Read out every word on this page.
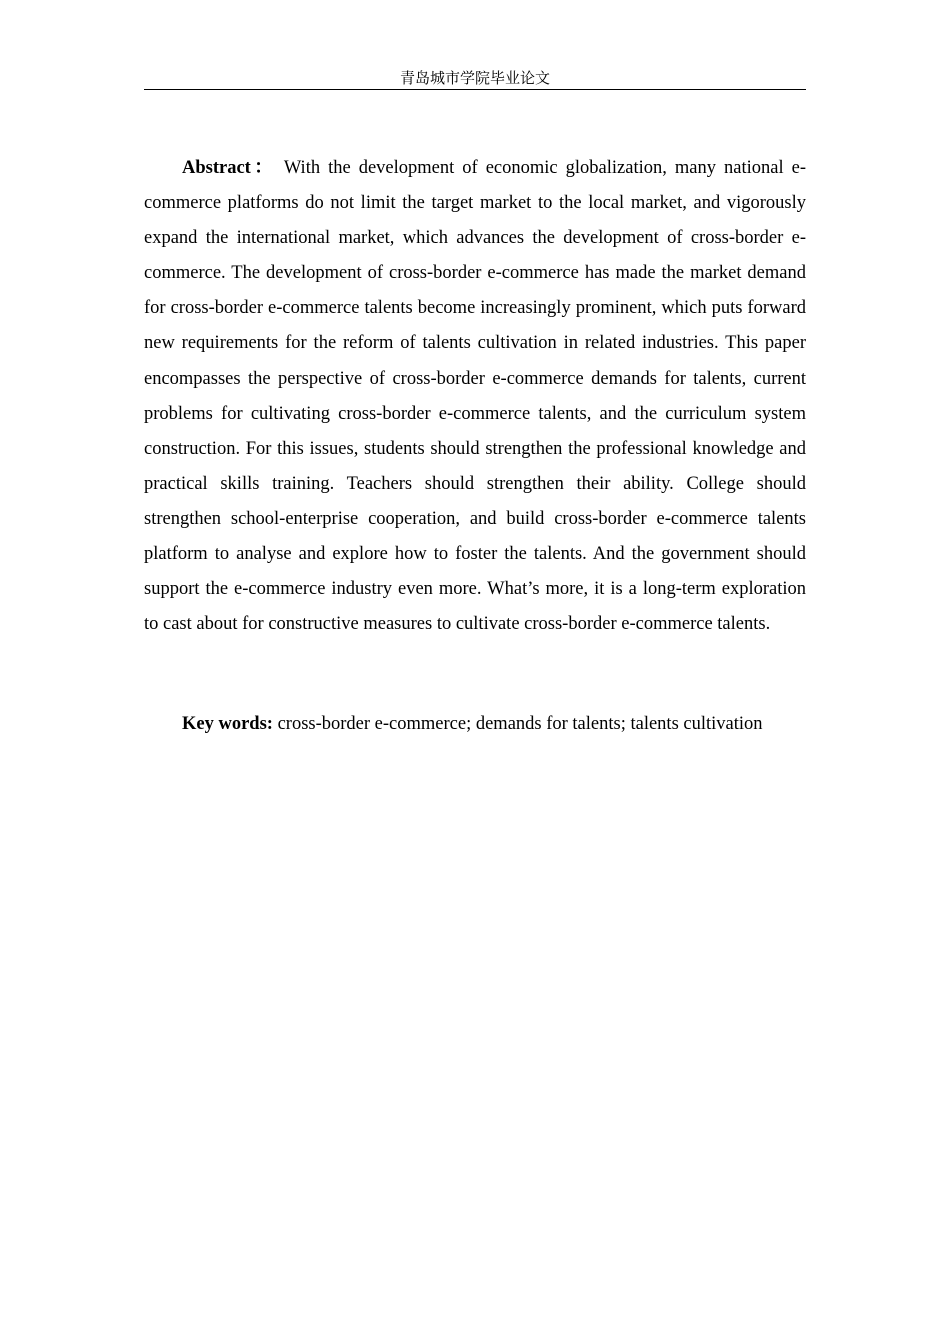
青岛城市学院毕业论文

Abstract： With the development of economic globalization, many national e-commerce platforms do not limit the target market to the local market, and vigorously expand the international market, which advances the development of cross-border e-commerce. The development of cross-border e-commerce has made the market demand for cross-border e-commerce talents become increasingly prominent, which puts forward new requirements for the reform of talents cultivation in related industries. This paper encompasses the perspective of cross-border e-commerce demands for talents, current problems for cultivating cross-border e-commerce talents, and the curriculum system construction. For this issues, students should strengthen the professional knowledge and practical skills training. Teachers should strengthen their ability. College should strengthen school-enterprise cooperation, and build cross-border e-commerce talents platform to analyse and explore how to foster the talents. And the government should support the e-commerce industry even more. What’s more, it is a long-term exploration to cast about for constructive measures to cultivate cross-border e-commerce talents.

Key words: cross-border e-commerce; demands for talents; talents cultivation
